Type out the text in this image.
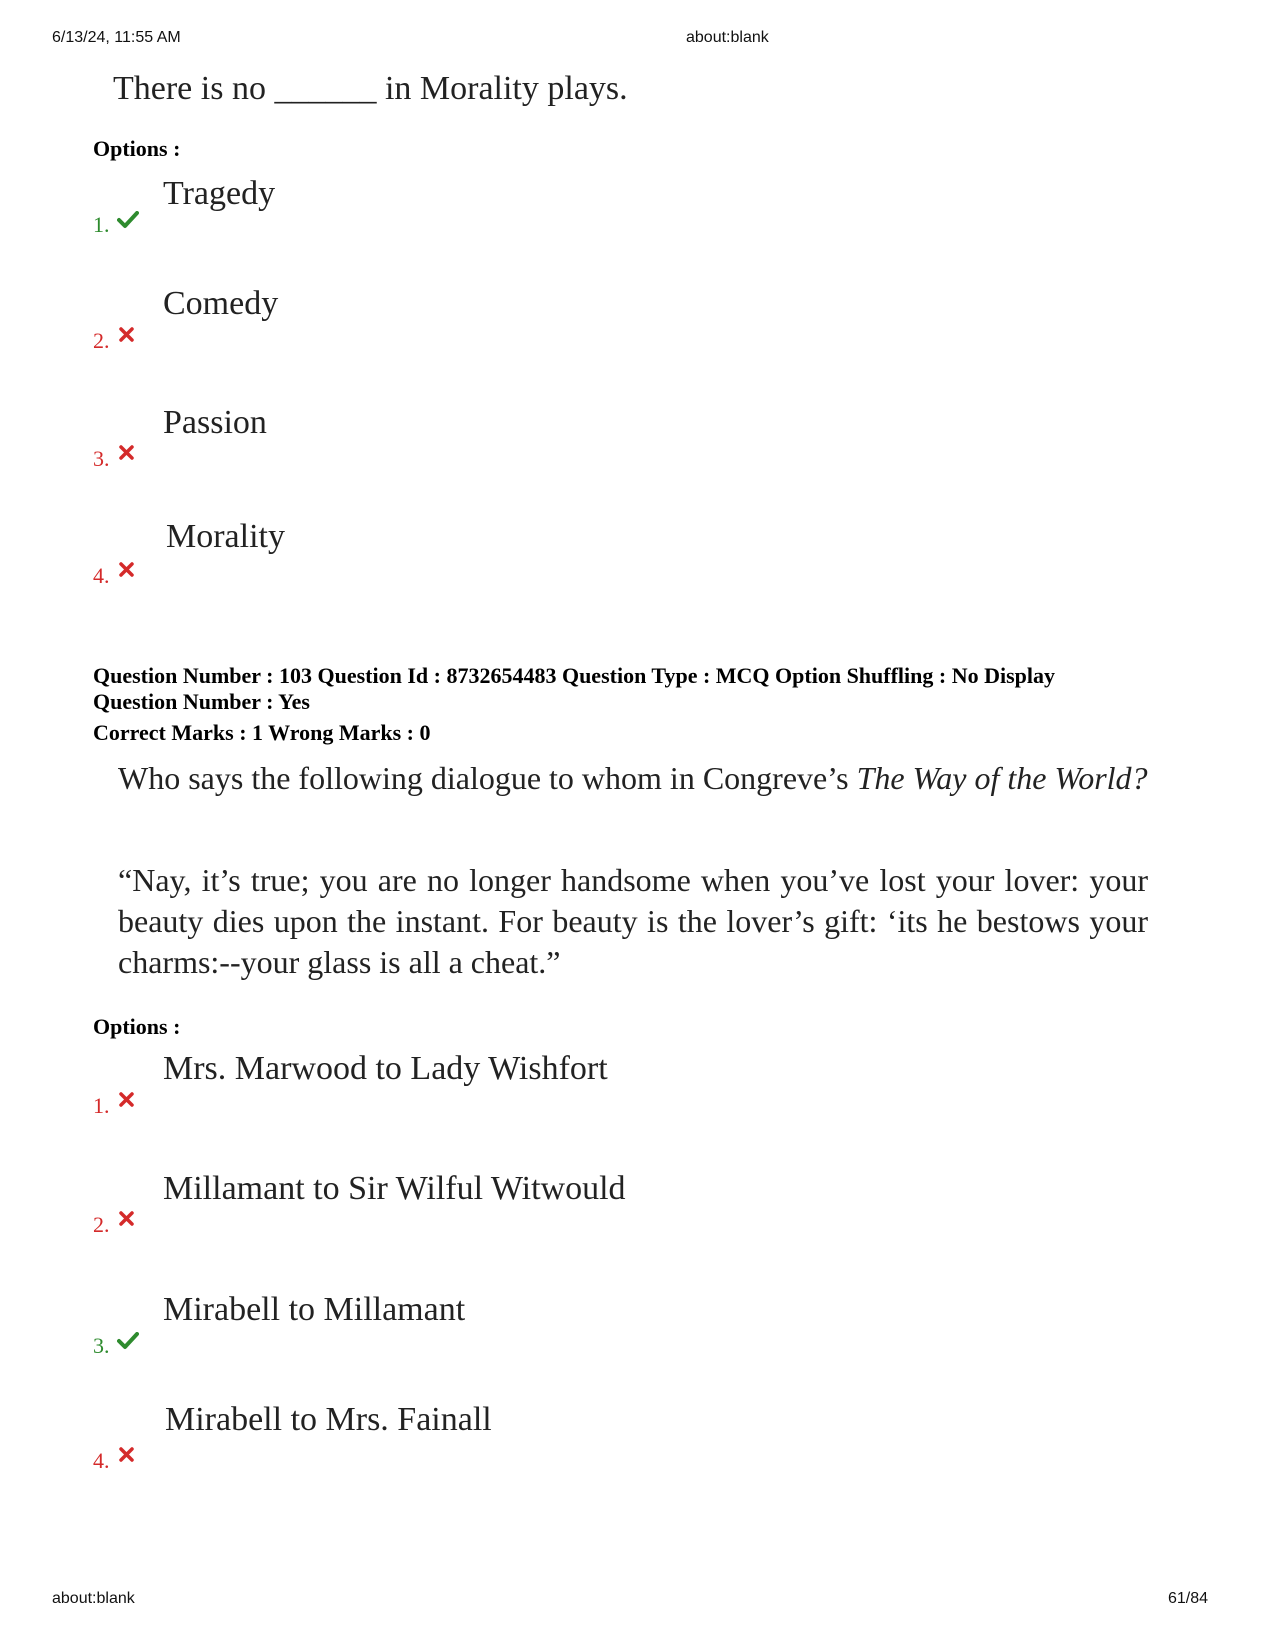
6/13/24, 11:55 AM	about:blank
There is no ______ in Morality plays.
Options :
1.
Tragedy
2.
Comedy
3.
Passion
4.
Morality
Question Number : 103 Question Id : 8732654483 Question Type : MCQ Option Shuffling : No Display
Question Number : Yes
Correct Marks : 1 Wrong Marks : 0
Who says the following dialogue to whom in Congreve’s The Way of the World?
“Nay, it’s true; you are no longer handsome when you’ve lost your lover: your beauty dies upon the instant. For beauty is the lover’s gift: ‘its he bestows your charms:--your glass is all a cheat.”
Options :
1.
Mrs. Marwood to Lady Wishfort
2.
Millamant to Sir Wilful Witwould
3.
Mirabell to Millamant
4.
Mirabell to Mrs. Fainall
about:blank	61/84
